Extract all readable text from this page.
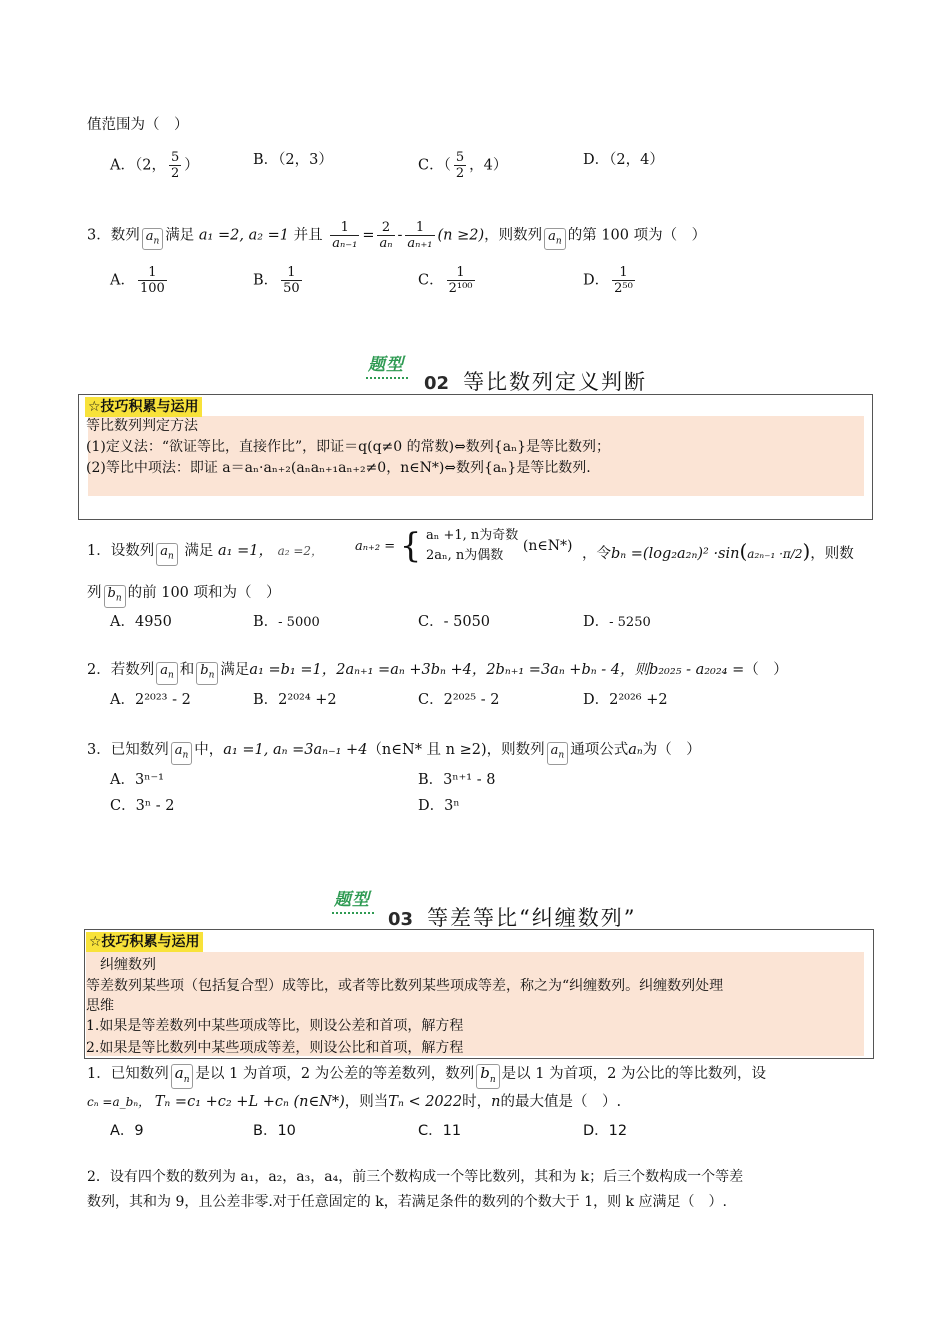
值范围为（　）
A．（2， $\frac{5}{2}$ ）	B．（2，3）	C．（ $\frac{5}{2}$ ，4）	D．（2，4）
3．数列 $a_n$ 满足 a₁ =2, a₂ =1 并且 $\frac{1}{\text{aₙ₋₁}} = \frac{2}{\text{aₙ}} - \frac{1}{\text{aₙ₊₁}} (n \ge 2)$，则数列 $a_n$ 的第 100 项为（　）
A． $\frac{1}{100}$	B． $\frac{1}{50}$	C． $\frac{1}{\text{2¹⁰⁰}}$	D． $\frac{1}{\text{2⁵⁰}}$
题型
02 等比数列定义判断
☆技巧积累与运用
等比数列判定方法
(1)定义法：“欲证等比，直接作比”，即证＝q(q≠0 的常数)⇔数列{aₙ}是等比数列；
(2)等比中项法：即证 a＝aₙ·aₙ₊₂(aₙaₙ₊₁aₙ₊₂≠0，n∈N*)⇔数列{aₙ}是等比数列.
1．设数列 $a_n$ 满足 a₁ =1， a₂ =2， aₙ₊₂ = { aₙ +1, n为奇数
2aₙ, n为偶数
(n∈N*) ，令bₙ =(log₂a₂ₙ)² ·sin(a₂ₙ₋₁ ·π/2)，则数
列 $b_n$ 的前 100 项和为（　）
A．4950	B．- 5000	C．- 5050	D．- 5250
2．若数列 $a_n$ 和 $b_n$ 满足a₁ =b₁ =1，2aₙ₊₁ =aₙ +3bₙ +4，2bₙ₊₁ =3aₙ +bₙ - 4，则b₂₀₂₅ - a₂₀₂₄ =（　）
A．2²⁰²³ - 2	B．2²⁰²⁴ +2	C．2²⁰²⁵ - 2	D．2²⁰²⁶ +2
3．已知数列 $a_n$ 中，a₁ =1, aₙ =3aₙ₋₁ +4（n∈N* 且 n ≥2)，则数列 $a_n$ 通项公式aₙ为（　）
A．3ⁿ⁻¹	B．3ⁿ⁺¹ - 8
C．3ⁿ - 2	D．3ⁿ
题型
03 等差等比“纠缠数列”
☆技巧积累与运用
　纠缠数列
等差数列某些项（包括复合型）成等比，或者等比数列某些项成等差，称之为“纠缠数列。纠缠数列处理
思维
1.如果是等差数列中某些项成等比，则设公差和首项，解方程
2.如果是等比数列中某些项成等差，则设公比和首项，解方程
1．已知数列 $a_n$ 是以 1 为首项，2 为公差的等差数列，数列 $b_n$ 是以 1 为首项，2 为公比的等比数列，设
cₙ =a_bₙ， Tₙ =c₁ +c₂ +L +cₙ (n∈N*)，则当Tₙ < 2022时，n的最大值是（　）.
A．9	B．10	C．11	D．12
2．设有四个数的数列为 a₁，a₂，a₃，a₄，前三个数构成一个等比数列，其和为 k；后三个数构成一个等差
数列，其和为 9，且公差非零.对于任意固定的 k，若满足条件的数列的个数大于 1，则 k 应满足（　）.
